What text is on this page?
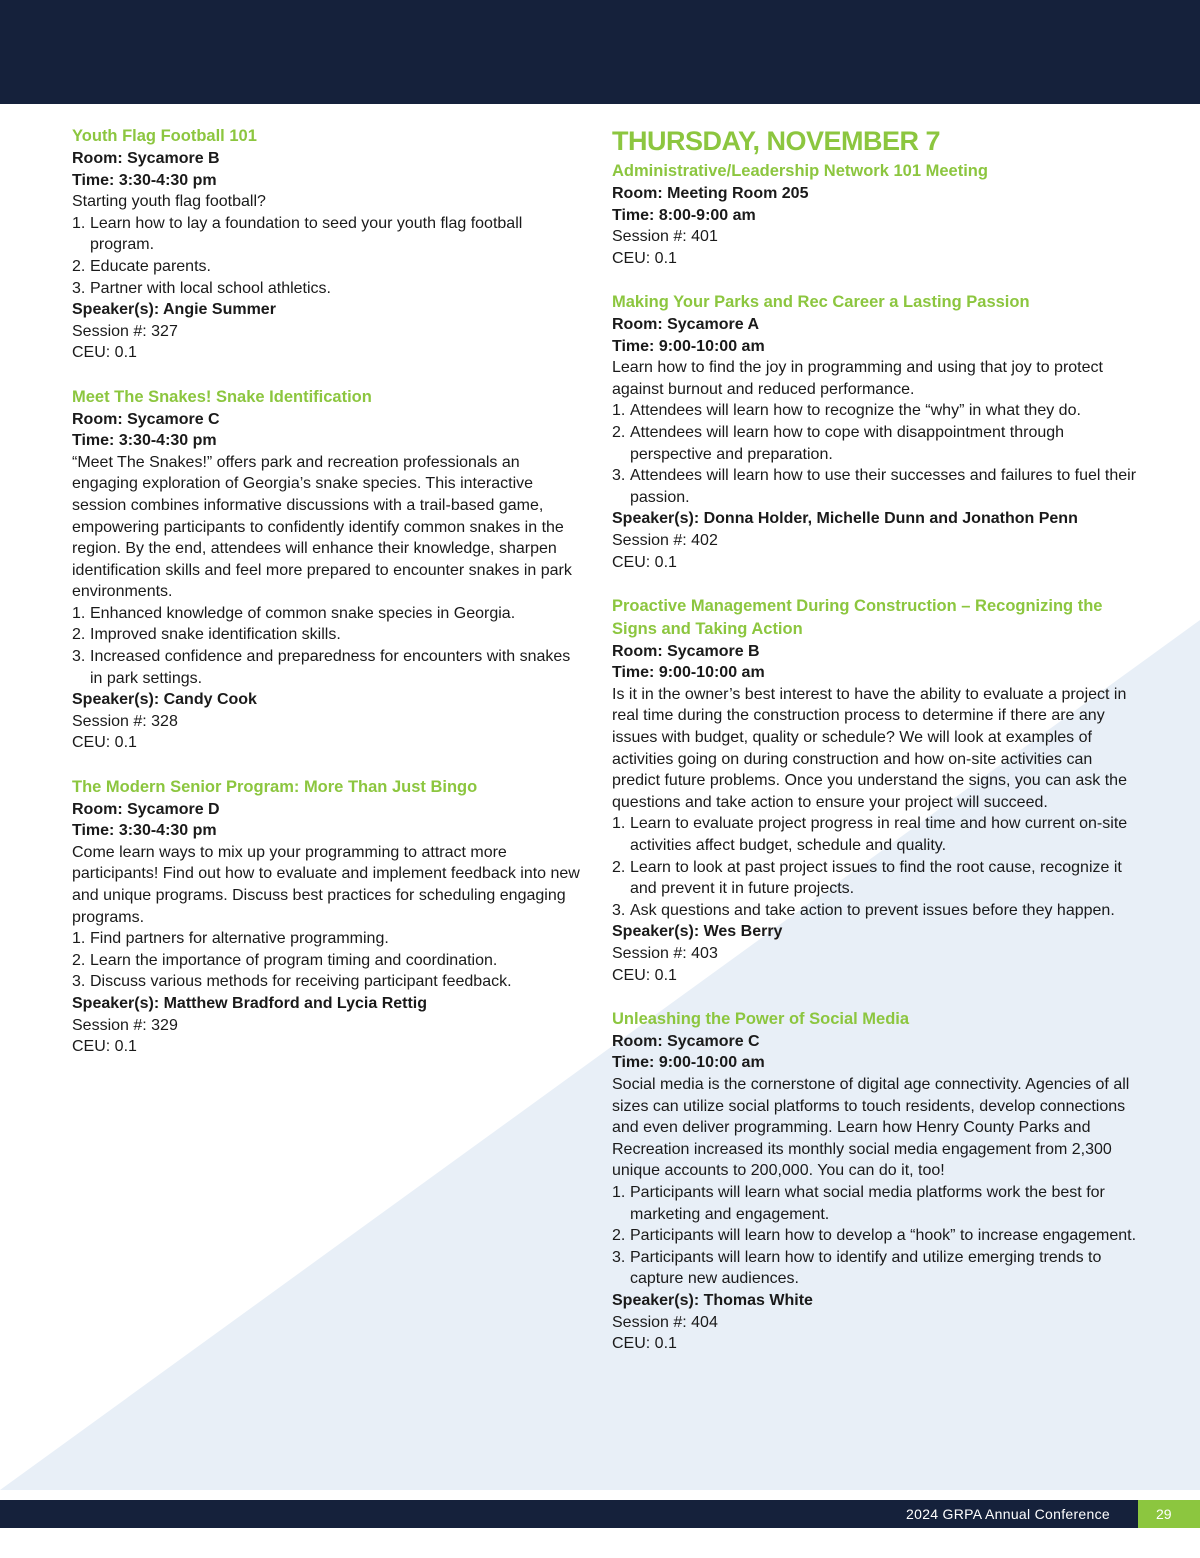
Youth Flag Football 101

Room: Sycamore B

Time: 3:30-4:30 pm

Starting youth flag football?

1. Learn how to lay a foundation to seed your youth flag football program.
2. Educate parents.
3. Partner with local school athletics.

Speaker(s): Angie Summer

Session #: 327

CEU: 0.1

Meet The Snakes! Snake Identification

Room: Sycamore C

Time: 3:30-4:30 pm

“Meet The Snakes!” offers park and recreation professionals an engaging exploration of Georgia’s snake species. This interactive session combines informative discussions with a trail-based game, empowering participants to confidently identify common snakes in the region. By the end, attendees will enhance their knowledge, sharpen identification skills and feel more prepared to encounter snakes in park environments.

1. Enhanced knowledge of common snake species in Georgia.
2. Improved snake identification skills.
3. Increased confidence and preparedness for encounters with snakes in park settings.

Speaker(s): Candy Cook

Session #: 328

CEU: 0.1

The Modern Senior Program: More Than Just Bingo

Room: Sycamore D

Time: 3:30-4:30 pm

Come learn ways to mix up your programming to attract more participants! Find out how to evaluate and implement feedback into new and unique programs. Discuss best practices for scheduling engaging programs.

1. Find partners for alternative programming.
2. Learn the importance of program timing and coordination.
3. Discuss various methods for receiving participant feedback.

Speaker(s): Matthew Bradford and Lycia Rettig

Session #: 329

CEU: 0.1

THURSDAY, NOVEMBER 7

Administrative/Leadership Network 101 Meeting

Room: Meeting Room 205

Time: 8:00-9:00 am

Session #: 401

CEU: 0.1

Making Your Parks and Rec Career a Lasting Passion

Room: Sycamore A

Time: 9:00-10:00 am

Learn how to find the joy in programming and using that joy to protect against burnout and reduced performance.

1. Attendees will learn how to recognize the “why” in what they do.
2. Attendees will learn how to cope with disappointment through perspective and preparation.
3. Attendees will learn how to use their successes and failures to fuel their passion.

Speaker(s): Donna Holder, Michelle Dunn and Jonathon Penn

Session #: 402

CEU: 0.1

Proactive Management During Construction – Recognizing the Signs and Taking Action

Room: Sycamore B

Time: 9:00-10:00 am

Is it in the owner’s best interest to have the ability to evaluate a project in real time during the construction process to determine if there are any issues with budget, quality or schedule? We will look at examples of activities going on during construction and how on-site activities can predict future problems. Once you understand the signs, you can ask the questions and take action to ensure your project will succeed.

1. Learn to evaluate project progress in real time and how current on-site activities affect budget, schedule and quality.
2. Learn to look at past project issues to find the root cause, recognize it and prevent it in future projects.
3. Ask questions and take action to prevent issues before they happen.

Speaker(s): Wes Berry

Session #: 403

CEU: 0.1

Unleashing the Power of Social Media

Room: Sycamore C

Time: 9:00-10:00 am

Social media is the cornerstone of digital age connectivity. Agencies of all sizes can utilize social platforms to touch residents, develop connections and even deliver programming. Learn how Henry County Parks and Recreation increased its monthly social media engagement from 2,300 unique accounts to 200,000. You can do it, too!

1. Participants will learn what social media platforms work the best for marketing and engagement.
2. Participants will learn how to develop a “hook” to increase engagement.
3. Participants will learn how to identify and utilize emerging trends to capture new audiences.

Speaker(s): Thomas White

Session #: 404

CEU: 0.1

2024 GRPA Annual Conference	29
